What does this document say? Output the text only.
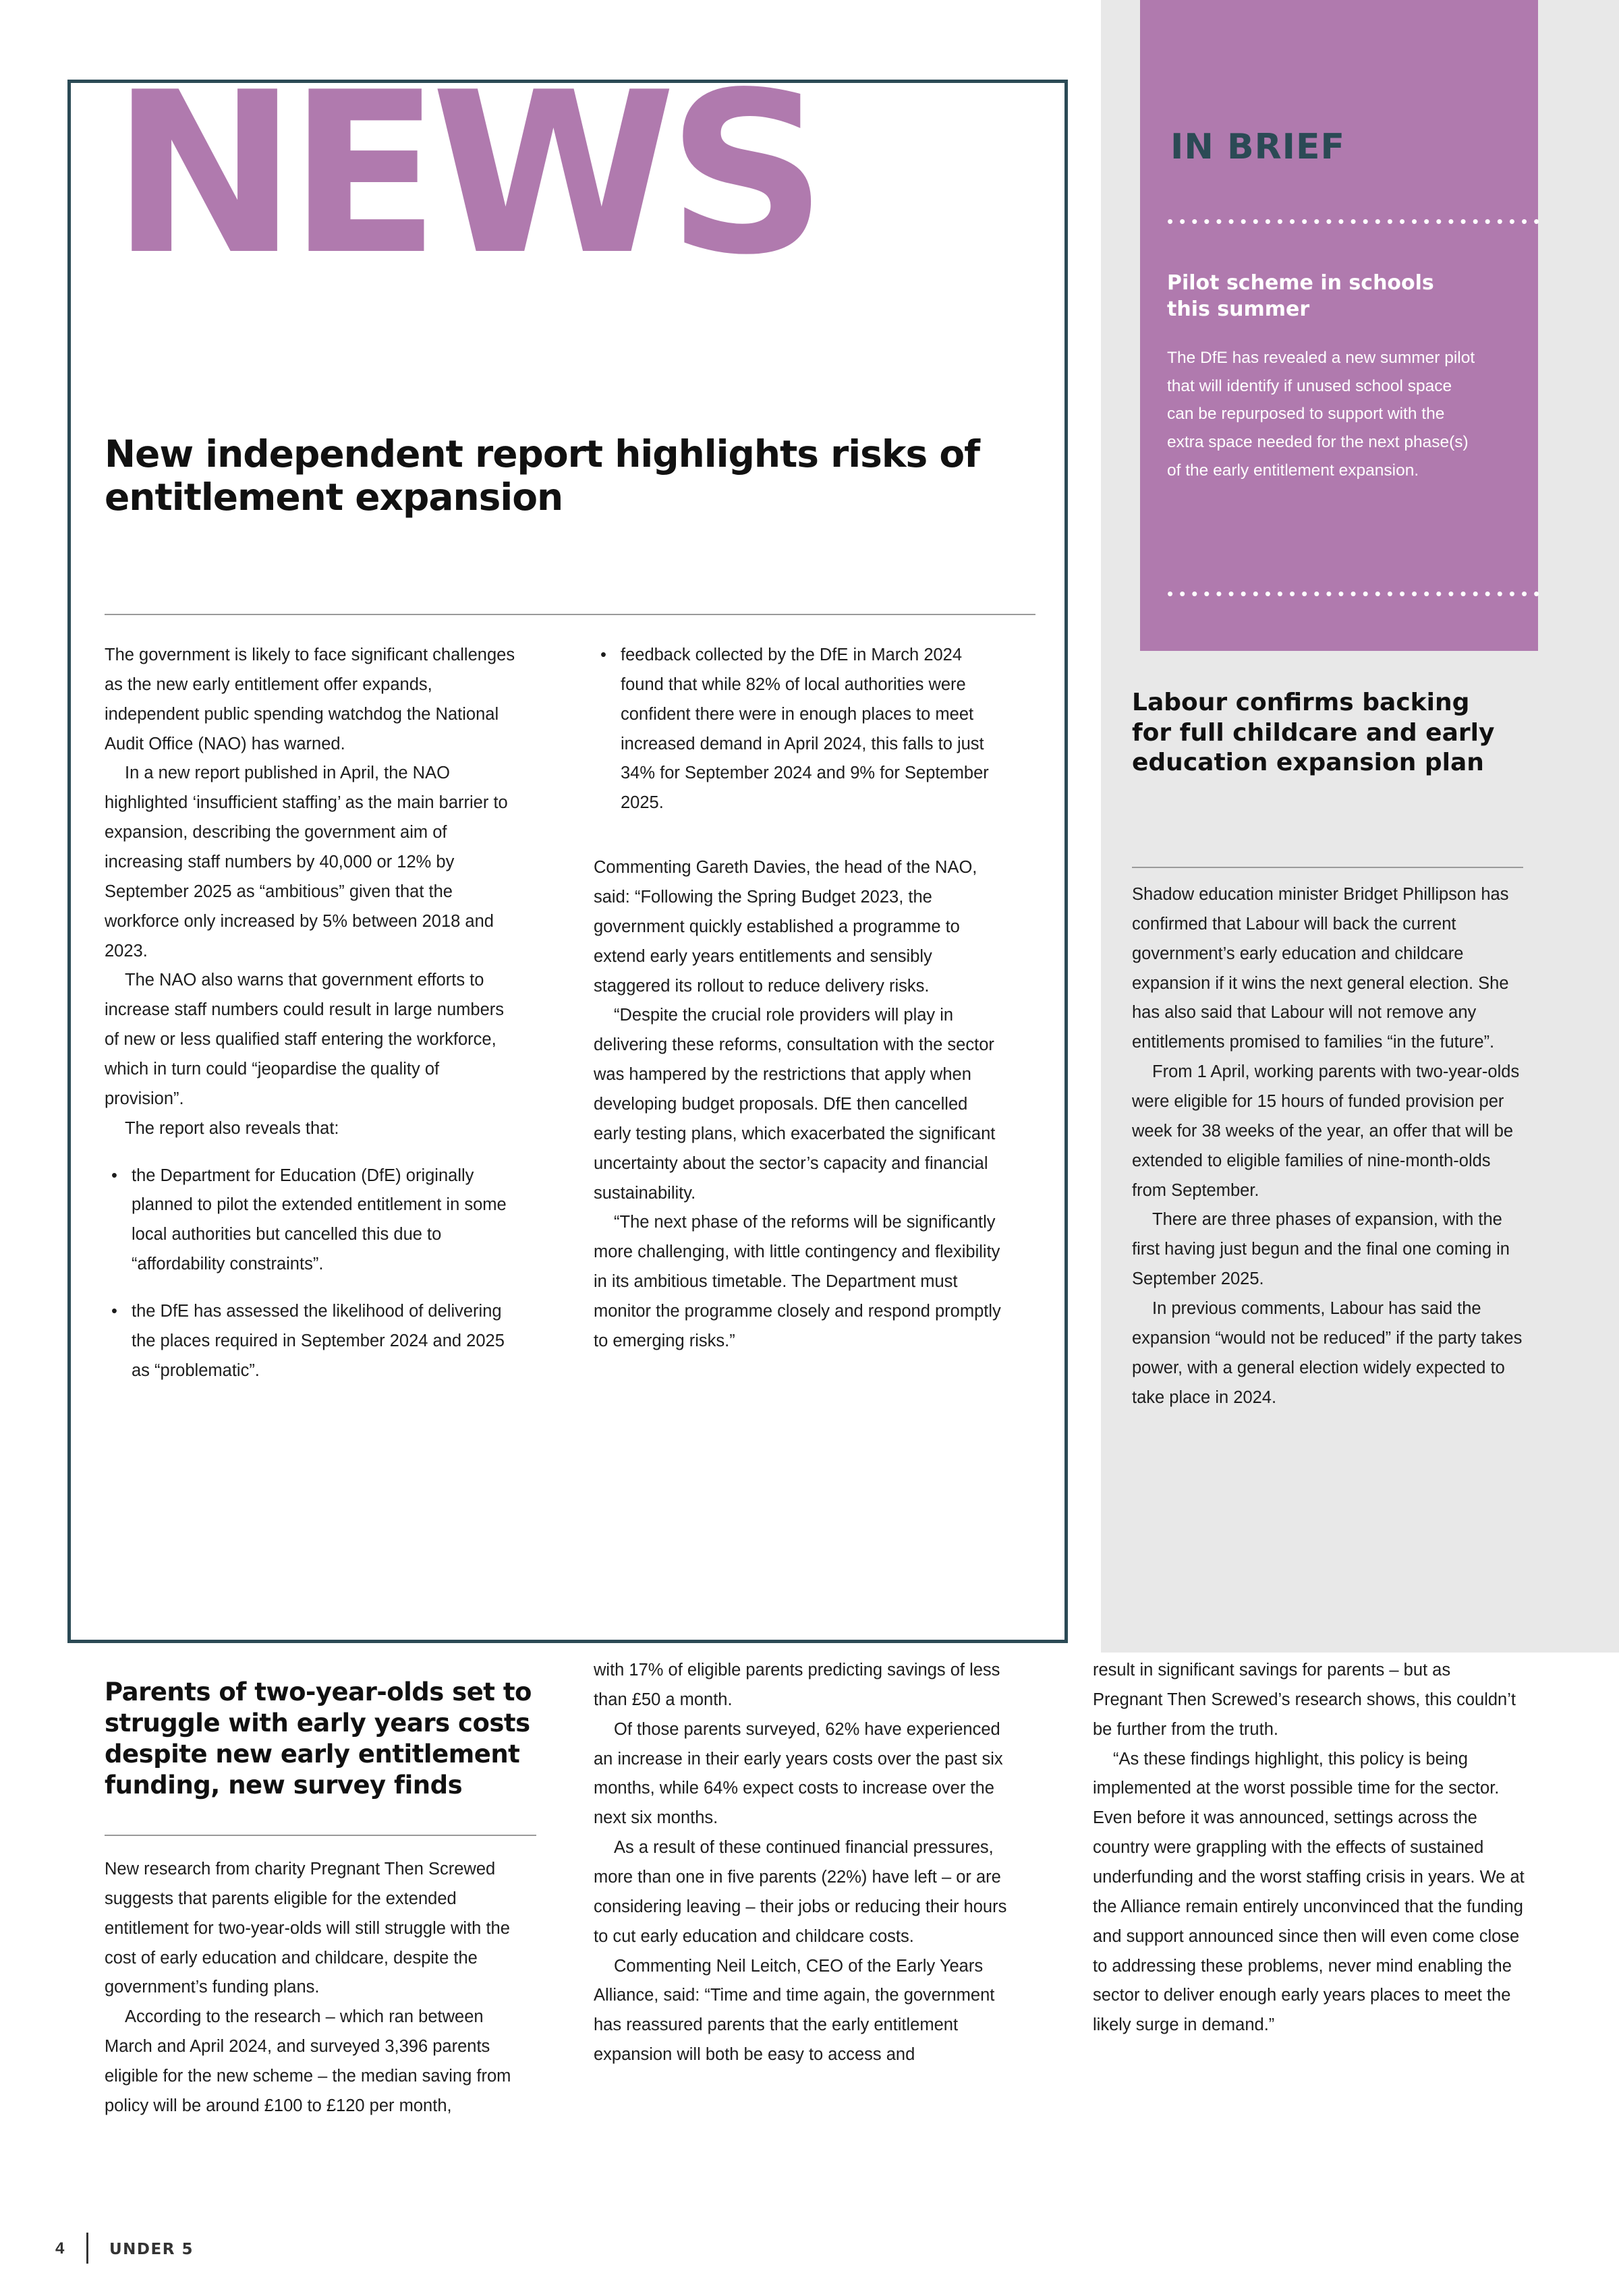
NEWS
New independent report highlights risks of entitlement expansion

The government is likely to face significant challenges as the new early entitlement offer expands, independent public spending watchdog the National Audit Office (NAO) has warned.

In a new report published in April, the NAO highlighted ‘insufficient staffing’ as the main barrier to expansion, describing the government aim of increasing staff numbers by 40,000 or 12% by September 2025 as “ambitious” given that the workforce only increased by 5% between 2018 and 2023.

The NAO also warns that government efforts to increase staff numbers could result in large numbers of new or less qualified staff entering the workforce, which in turn could “jeopardise the quality of provision”.

The report also reveals that:

• the Department for Education (DfE) originally planned to pilot the extended entitlement in some local authorities but cancelled this due to “affordability constraints”.
• the DfE has assessed the likelihood of delivering the places required in September 2024 and 2025 as “problematic”.
• feedback collected by the DfE in March 2024 found that while 82% of local authorities were confident there were in enough places to meet increased demand in April 2024, this falls to just 34% for September 2024 and 9% for September 2025.

Commenting Gareth Davies, the head of the NAO, said: “Following the Spring Budget 2023, the government quickly established a programme to extend early years entitlements and sensibly staggered its rollout to reduce delivery risks.

“Despite the crucial role providers will play in delivering these reforms, consultation with the sector was hampered by the restrictions that apply when developing budget proposals. DfE then cancelled early testing plans, which exacerbated the significant uncertainty about the sector’s capacity and financial sustainability.

“The next phase of the reforms will be significantly more challenging, with little contingency and flexibility in its ambitious timetable. The Department must monitor the programme closely and respond promptly to emerging risks.”

IN BRIEF
•••••••••••••••••••••••••••••••
Pilot scheme in schools this summer
The DfE has revealed a new summer pilot that will identify if unused school space can be repurposed to support with the extra space needed for the next phase(s) of the early entitlement expansion.
•••••••••••••••••••••••••••••••
Labour confirms backing for full childcare and early education expansion plan

Shadow education minister Bridget Phillipson has confirmed that Labour will back the current government’s early education and childcare expansion if it wins the next general election. She has also said that Labour will not remove any entitlements promised to families “in the future”.

From 1 April, working parents with two-year-olds were eligible for 15 hours of funded provision per week for 38 weeks of the year, an offer that will be extended to eligible families of nine-month-olds from September.

There are three phases of expansion, with the first having just begun and the final one coming in September 2025.

In previous comments, Labour has said the expansion “would not be reduced” if the party takes power, with a general election widely expected to take place in 2024.

Parents of two-year-olds set to struggle with early years costs despite new early entitlement funding, new survey finds

New research from charity Pregnant Then Screwed suggests that parents eligible for the extended entitlement for two-year-olds will still struggle with the cost of early education and childcare, despite the government’s funding plans.

According to the research – which ran between March and April 2024, and surveyed 3,396 parents eligible for the new scheme – the median saving from policy will be around £100 to £120 per month,

with 17% of eligible parents predicting savings of less than £50 a month.

Of those parents surveyed, 62% have experienced an increase in their early years costs over the past six months, while 64% expect costs to increase over the next six months.

As a result of these continued financial pressures, more than one in five parents (22%) have left – or are considering leaving – their jobs or reducing their hours to cut early education and childcare costs.

Commenting Neil Leitch, CEO of the Early Years Alliance, said: “Time and time again, the government has reassured parents that the early entitlement expansion will both be easy to access and

result in significant savings for parents – but as Pregnant Then Screwed’s research shows, this couldn’t be further from the truth.

“As these findings highlight, this policy is being implemented at the worst possible time for the sector. Even before it was announced, settings across the country were grappling with the effects of sustained underfunding and the worst staffing crisis in years. We at the Alliance remain entirely unconvinced that the funding and support announced since then will even come close to addressing these problems, never mind enabling the sector to deliver enough early years places to meet the likely surge in demand.”

4	UNDER 5
